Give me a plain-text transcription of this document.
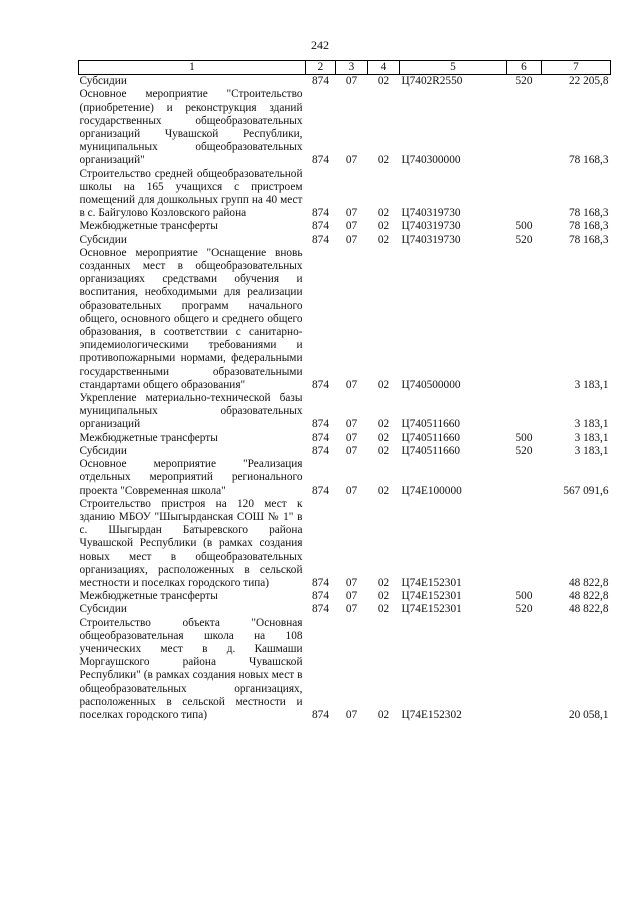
242
1	2	3	4	5	6	7
Субсидии	874	07	02	Ц7402R2550	520	22 205,8
Основное мероприятие "Строительство (приобретение) и реконструкция зданий государственных общеобразовательных организаций Чувашской Республики, муниципальных общеобразовательных организаций"	874	07	02	Ц740300000		78 168,3
Строительство средней общеобразовательной школы на 165 учащихся с пристроем помещений для дошкольных групп на 40 мест в с. Байгулово Козловского района	874	07	02	Ц740319730		78 168,3
Межбюджетные трансферты	874	07	02	Ц740319730	500	78 168,3
Субсидии	874	07	02	Ц740319730	520	78 168,3
Основное мероприятие "Оснащение вновь созданных мест в общеобразовательных организациях средствами обучения и воспитания, необходимыми для реализации образовательных программ начального общего, основного общего и среднего общего образования, в соответствии с санитарно-эпидемиологическими требованиями и противопожарными нормами, федеральными государственными образовательными стандартами общего образования"	874	07	02	Ц740500000		3 183,1
Укрепление материально-технической базы муниципальных образовательных организаций	874	07	02	Ц740511660		3 183,1
Межбюджетные трансферты	874	07	02	Ц740511660	500	3 183,1
Субсидии	874	07	02	Ц740511660	520	3 183,1
Основное мероприятие "Реализация отдельных мероприятий регионального проекта "Современная школа"	874	07	02	Ц74Е100000		567 091,6
Строительство пристроя на 120 мест к зданию МБОУ "Шыгырданская СОШ № 1" в с. Шыгырдан Батыревского района Чувашской Республики (в рамках создания новых мест в общеобразовательных организациях, расположенных в сельской местности и поселках городского типа)	874	07	02	Ц74Е152301		48 822,8
Межбюджетные трансферты	874	07	02	Ц74Е152301	500	48 822,8
Субсидии	874	07	02	Ц74Е152301	520	48 822,8
Строительство объекта "Основная общеобразовательная школа на 108 ученических мест в д. Кашмаши Моргаушского района Чувашской Республики" (в рамках создания новых мест в общеобразовательных организациях, расположенных в сельской местности и поселках городского типа)	874	07	02	Ц74Е152302		20 058,1
